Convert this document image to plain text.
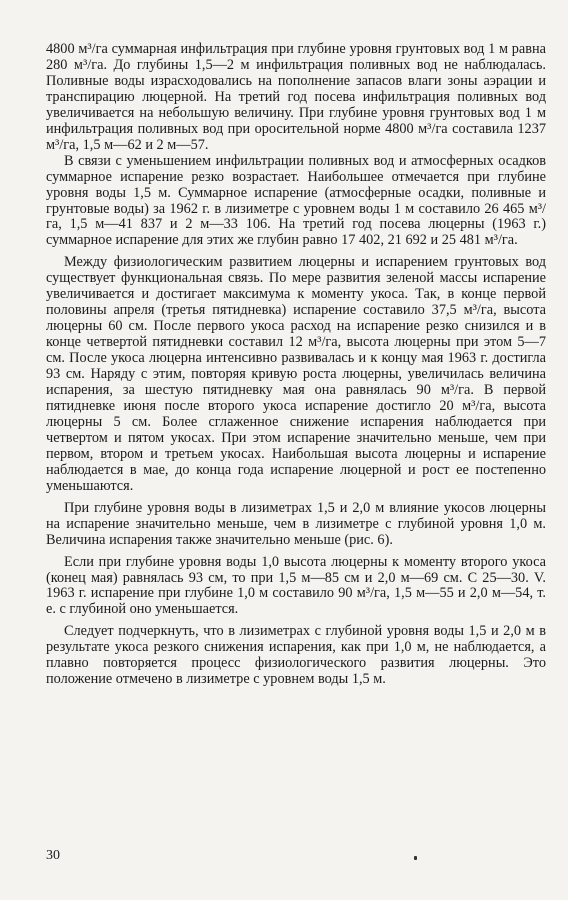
4800 м³/га суммарная инфильтрация при глубине уровня грунтовых вод 1 м равна 280 м³/га. До глубины 1,5—2 м инфильтрация поливных вод не наблюдалась. Поливные воды израсходовались на пополнение запасов влаги зоны аэрации и транспирацию люцерной. На третий год посева инфильтрация поливных вод увеличивается на небольшую величину. При глубине уровня грунтовых вод 1 м инфильтрация поливных вод при оросительной норме 4800 м³/га составила 1237 м³/га, 1,5 м—62 и 2 м—57.

В связи с уменьшением инфильтрации поливных вод и атмосферных осадков суммарное испарение резко возрастает. Наибольшее отмечается при глубине уровня воды 1,5 м. Суммарное испарение (атмосферные осадки, поливные и грунтовые воды) за 1962 г. в лизиметре с уровнем воды 1 м составило 26 465 м³/га, 1,5 м—41 837 и 2 м—33 106. На третий год посева люцерны (1963 г.) суммарное испарение для этих же глубин равно 17 402, 21 692 и 25 481 м³/га.

Между физиологическим развитием люцерны и испарением грунтовых вод существует функциональная связь. По мере развития зеленой массы испарение увеличивается и достигает максимума к моменту укоса. Так, в конце первой половины апреля (третья пятидневка) испарение составило 37,5 м³/га, высота люцерны 60 см. После первого укоса расход на испарение резко снизился и в конце четвертой пятидневки составил 12 м³/га, высота люцерны при этом 5—7 см. После укоса люцерна интенсивно развивалась и к концу мая 1963 г. достигла 93 см. Наряду с этим, повторяя кривую роста люцерны, увеличилась величина испарения, за шестую пятидневку мая она равнялась 90 м³/га. В первой пятидневке июня после второго укоса испарение достигло 20 м³/га, высота люцерны 5 см. Более сглаженное снижение испарения наблюдается при четвертом и пятом укосах. При этом испарение значительно меньше, чем при первом, втором и третьем укосах. Наибольшая высота люцерны и испарение наблюдается в мае, до конца года испарение люцерной и рост ее постепенно уменьшаются.

При глубине уровня воды в лизиметрах 1,5 и 2,0 м влияние укосов люцерны на испарение значительно меньше, чем в лизиметре с глубиной уровня 1,0 м. Величина испарения также значительно меньше (рис. 6).

Если при глубине уровня воды 1,0 высота люцерны к моменту второго укоса (конец мая) равнялась 93 см, то при 1,5 м—85 см и 2,0 м—69 см. С 25—30. V. 1963 г. испарение при глубине 1,0 м составило 90 м³/га, 1,5 м—55 и 2,0 м—54, т. е. с глубиной оно уменьшается.

Следует подчеркнуть, что в лизиметрах с глубиной уровня воды 1,5 и 2,0 м в результате укоса резкого снижения испарения, как при 1,0 м, не наблюдается, а плавно повторяется процесс физиологического развития люцерны. Это положение отмечено в лизиметре с уровнем воды 1,5 м.

30
